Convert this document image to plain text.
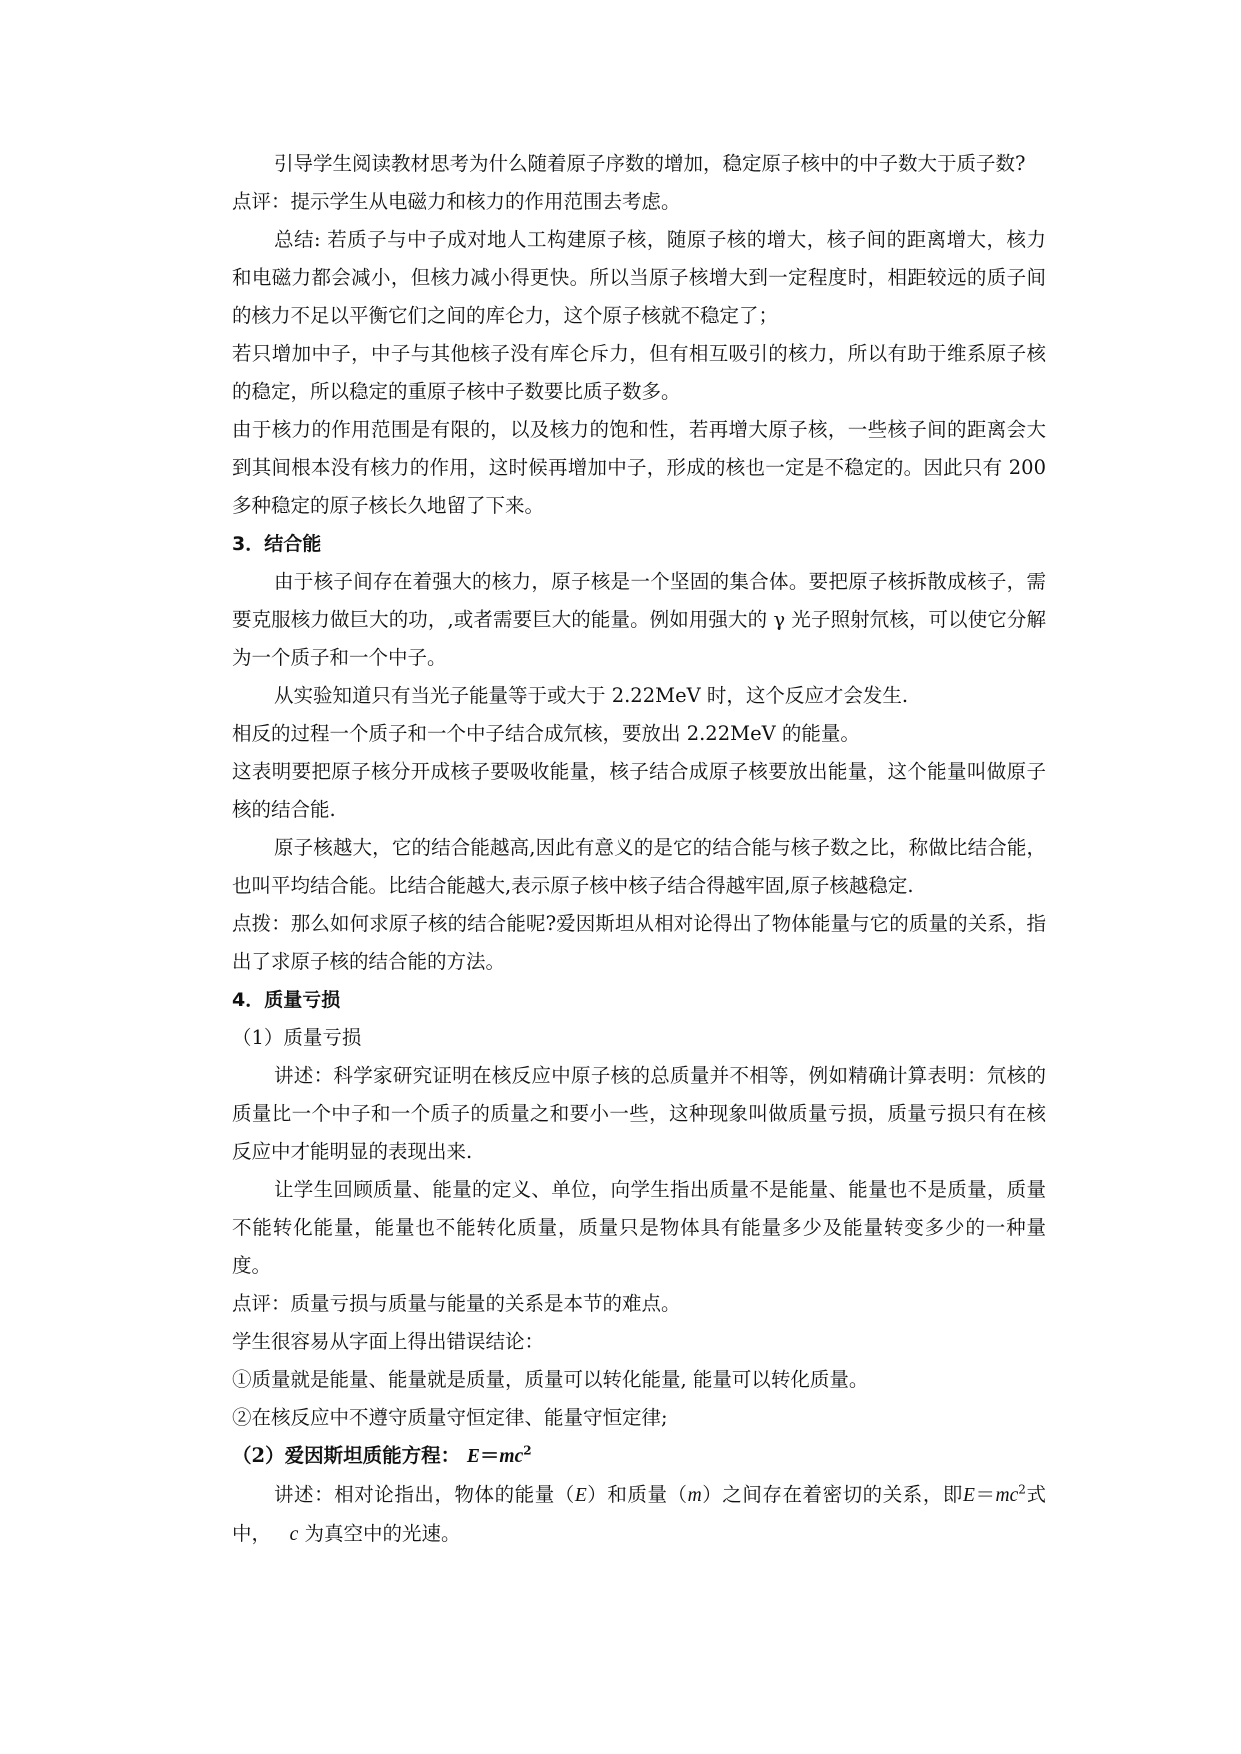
引导学生阅读教材思考为什么随着原子序数的增加，稳定原子核中的中子数大于质子数?

点评：提示学生从电磁力和核力的作用范围去考虑。

总结: 若质子与中子成对地人工构建原子核，随原子核的增大，核子间的距离增大，核力和电磁力都会减小，但核力减小得更快。所以当原子核增大到一定程度时，相距较远的质子间的核力不足以平衡它们之间的库仑力，这个原子核就不稳定了；

若只增加中子，中子与其他核子没有库仑斥力，但有相互吸引的核力，所以有助于维系原子核的稳定，所以稳定的重原子核中子数要比质子数多。

由于核力的作用范围是有限的，以及核力的饱和性，若再增大原子核，一些核子间的距离会大到其间根本没有核力的作用，这时候再增加中子，形成的核也一定是不稳定的。因此只有 200 多种稳定的原子核长久地留了下来。

3．结合能

由于核子间存在着强大的核力，原子核是一个坚固的集合体。要把原子核拆散成核子，需要克服核力做巨大的功，,或者需要巨大的能量。例如用强大的 γ 光子照射氘核，可以使它分解为一个质子和一个中子。

从实验知道只有当光子能量等于或大于 2.22MeV 时，这个反应才会发生.

相反的过程一个质子和一个中子结合成氘核，要放出 2.22MeV 的能量。

这表明要把原子核分开成核子要吸收能量，核子结合成原子核要放出能量，这个能量叫做原子核的结合能.

原子核越大，它的结合能越高,因此有意义的是它的结合能与核子数之比，称做比结合能，也叫平均结合能。比结合能越大,表示原子核中核子结合得越牢固,原子核越稳定.

点拨：那么如何求原子核的结合能呢?爱因斯坦从相对论得出了物体能量与它的质量的关系，指出了求原子核的结合能的方法。

4．质量亏损

（1）质量亏损

讲述：科学家研究证明在核反应中原子核的总质量并不相等，例如精确计算表明：氘核的质量比一个中子和一个质子的质量之和要小一些，这种现象叫做质量亏损，质量亏损只有在核反应中才能明显的表现出来.

让学生回顾质量、能量的定义、单位，向学生指出质量不是能量、能量也不是质量，质量不能转化能量，能量也不能转化质量，质量只是物体具有能量多少及能量转变多少的一种量度。

点评：质量亏损与质量与能量的关系是本节的难点。

学生很容易从字面上得出错误结论：

①质量就是能量、能量就是质量，质量可以转化能量, 能量可以转化质量。

②在核反应中不遵守质量守恒定律、能量守恒定律;

（2）爱因斯坦质能方程： $E=mc^2$

讲述：相对论指出，物体的能量（E）和质量（m）之间存在着密切的关系，即$E=mc^2$式中， c 为真空中的光速。
